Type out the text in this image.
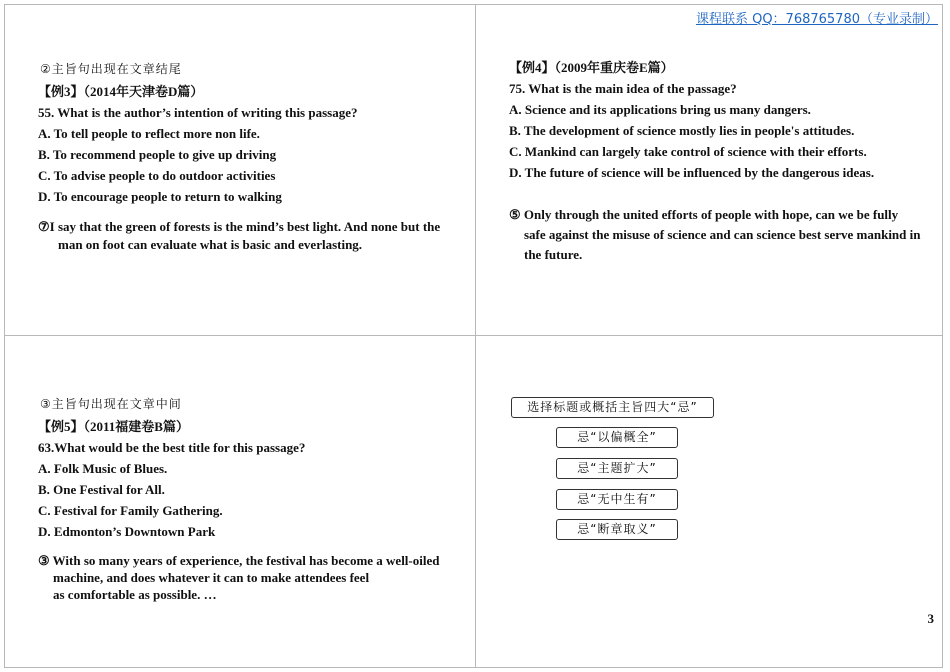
课程联系 QQ：768765780（专业录制）
②主旨句出现在文章结尾
【例3】（2014年天津卷D篇）
55. What is the author’s intention of writing this passage?
A. To tell people to reflect more non life.
B. To recommend people to give up driving
C. To advise people to do outdoor activities
D. To encourage people to return to walking
⑦I say that the green of forests is the mind’s best light. And none but the
man on foot can evaluate what is basic and everlasting.
【例4】（2009年重庆卷E篇）
75. What is the main idea of the passage?
A. Science and its applications bring us many dangers.
B. The development of science mostly lies in people's attitudes.
C. Mankind can largely take control of science with their efforts.
D. The future of science will be influenced by the dangerous ideas.
⑤ Only through the united efforts of people with hope, can we be fully
safe against the misuse of science and can science best serve mankind in the future.
③主旨句出现在文章中间
【例5】（2011福建卷B篇）
63.What would be the best title for this passage?
A. Folk Music of Blues.
B. One Festival for All.
C. Festival for Family Gathering.
D. Edmonton’s Downtown Park
③ With so many years of experience, the festival has become a well-oiled
machine, and does whatever it can to make attendees feel as comfortable as possible. …
选择标题或概括主旨四大“忌”
忌“以偏概全”
忌“主题扩大”
忌“无中生有”
忌“断章取义”
3
